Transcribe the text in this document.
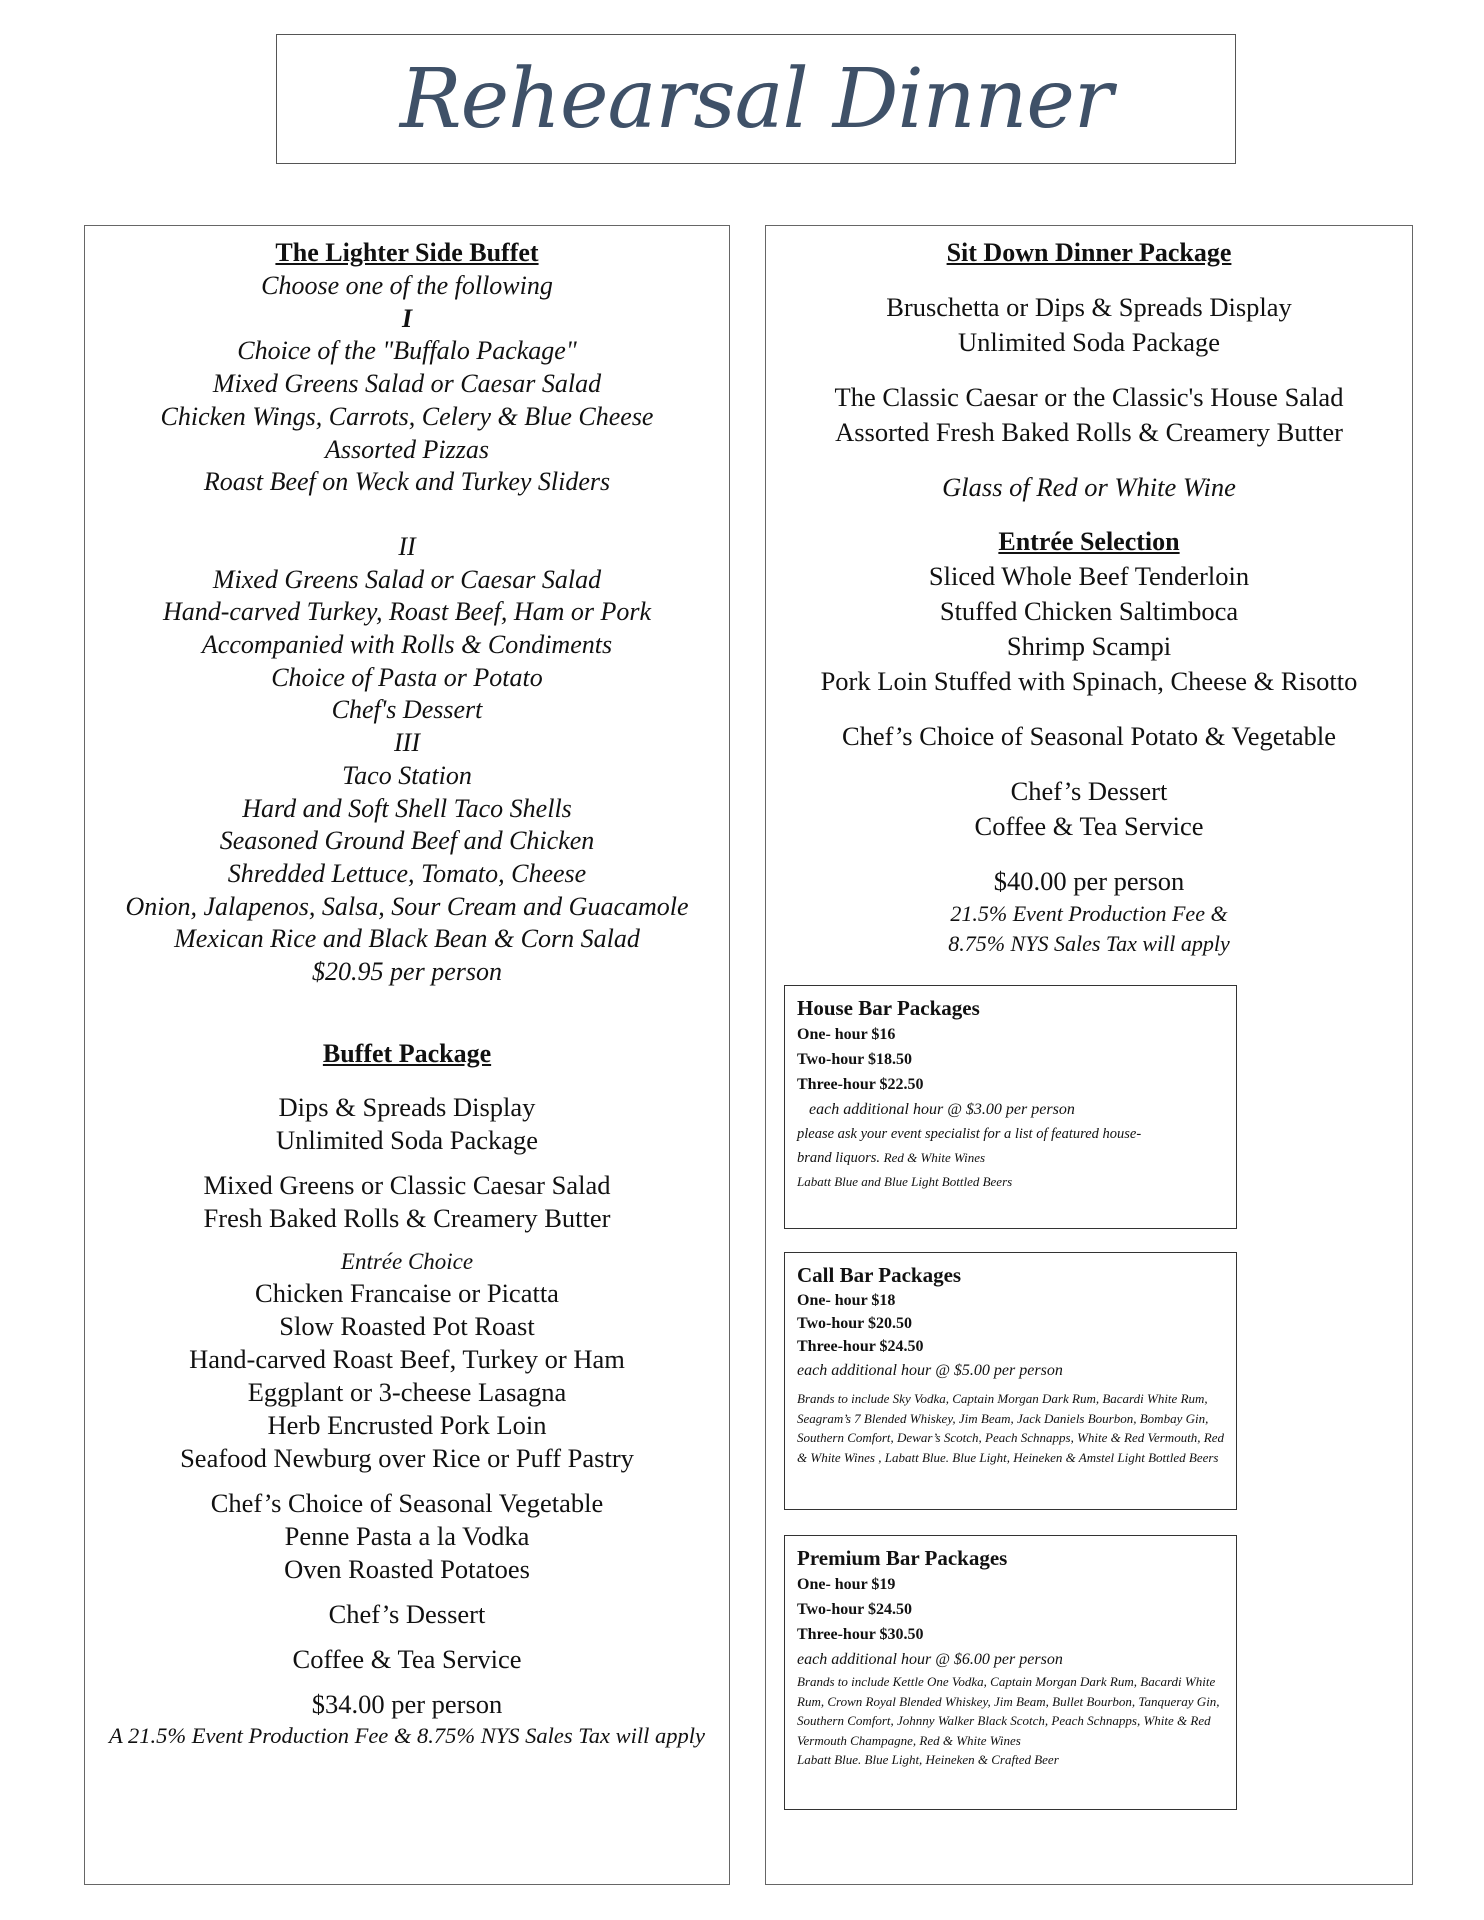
Rehearsal Dinner
The Lighter Side Buffet
Choose one of the following
I
Choice of the "Buffalo Package"
Mixed Greens Salad or Caesar Salad
Chicken Wings, Carrots, Celery & Blue Cheese
Assorted Pizzas
Roast Beef on Weck and Turkey Sliders
II
Mixed Greens Salad or Caesar Salad
Hand-carved Turkey, Roast Beef, Ham or Pork
Accompanied with Rolls & Condiments
Choice of Pasta or Potato
Chef's Dessert
III
Taco Station
Hard and Soft Shell Taco Shells
Seasoned Ground Beef and Chicken
Shredded Lettuce, Tomato, Cheese
Onion, Jalapenos, Salsa, Sour Cream and Guacamole
Mexican Rice and Black Bean & Corn Salad
$20.95 per person
Buffet Package
Dips & Spreads Display
Unlimited Soda Package
Mixed Greens or Classic Caesar Salad
Fresh Baked Rolls & Creamery Butter
Entrée Choice
Chicken Francaise or Picatta
Slow Roasted Pot Roast
Hand-carved Roast Beef, Turkey or Ham
Eggplant or 3-cheese Lasagna
Herb Encrusted Pork Loin
Seafood Newburg over Rice or Puff Pastry
Chef’s Choice of Seasonal Vegetable
Penne Pasta a la Vodka
Oven Roasted Potatoes
Chef’s Dessert
Coffee & Tea Service
$34.00 per person
A 21.5% Event Production Fee & 8.75% NYS Sales Tax will apply
Sit Down Dinner Package
Bruschetta or Dips & Spreads Display
Unlimited Soda Package
The Classic Caesar or the Classic's House Salad
Assorted Fresh Baked Rolls & Creamery Butter
Glass of Red or White Wine
Entrée Selection
Sliced Whole Beef Tenderloin
Stuffed Chicken Saltimboca
Shrimp Scampi
Pork Loin Stuffed with Spinach, Cheese & Risotto
Chef’s Choice of Seasonal Potato & Vegetable
Chef’s Dessert
Coffee & Tea Service
$40.00 per person
21.5% Event Production Fee &
8.75% NYS Sales Tax will apply
House Bar Packages
One- hour $16
Two-hour $18.50
Three-hour $22.50
each additional hour @ $3.00 per person
please ask your event specialist for a list of featured house-
brand liquors. Red & White Wines
Labatt Blue and Blue Light Bottled Beers
Call Bar Packages
One- hour $18
Two-hour $20.50
Three-hour $24.50
each additional hour @ $5.00 per person
Brands to include Sky Vodka, Captain Morgan Dark Rum, Bacardi White Rum, Seagram’s 7 Blended Whiskey, Jim Beam, Jack Daniels Bourbon, Bombay Gin, Southern Comfort, Dewar’s Scotch, Peach Schnapps, White & Red Vermouth, Red & White Wines , Labatt Blue. Blue Light, Heineken & Amstel Light Bottled Beers
Premium Bar Packages
One- hour $19
Two-hour $24.50
Three-hour $30.50
each additional hour @ $6.00 per person
Brands to include Kettle One Vodka, Captain Morgan Dark Rum, Bacardi White Rum, Crown Royal Blended Whiskey, Jim Beam, Bullet Bourbon, Tanqueray Gin, Southern Comfort, Johnny Walker Black Scotch, Peach Schnapps, White & Red Vermouth Champagne, Red & White Wines
Labatt Blue. Blue Light, Heineken & Crafted Beer
